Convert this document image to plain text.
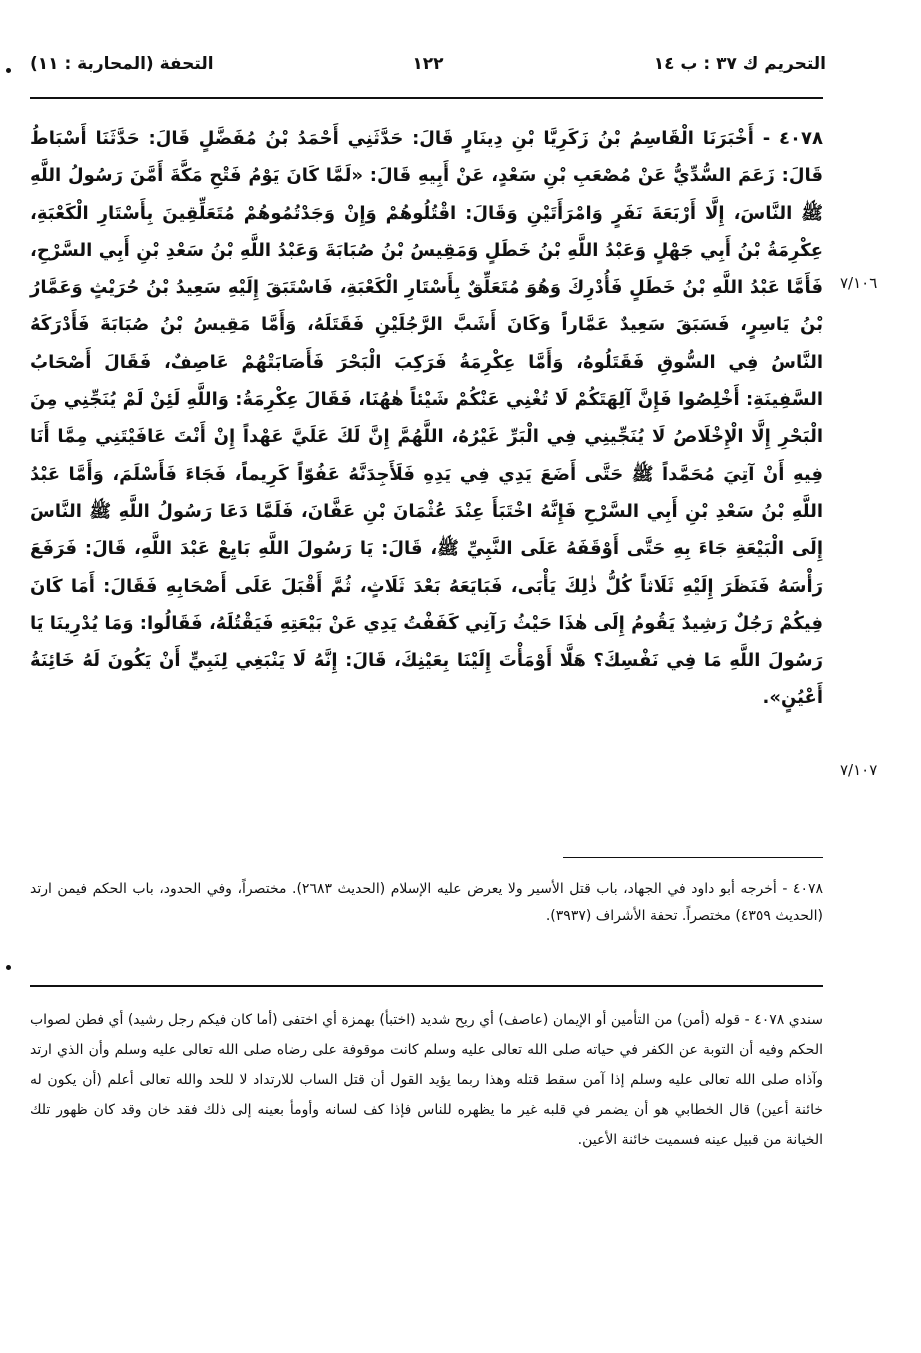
التحريم ك ٣٧ : ب ١٤
١٢٢
التحفة (المحاربة : ١١)
٧/١٠٦
٧/١٠٧

٤٠٧٨ - أَخْبَرَنَا الْقَاسِمُ بْنُ زَكَرِيَّا بْنِ دِينَارٍ قَالَ: حَدَّثَنِي أَحْمَدُ بْنُ مُفَضَّلٍ قَالَ: حَدَّثَنَا أَسْبَاطُ قَالَ: زَعَمَ السُّدِّيُّ عَنْ مُصْعَبِ بْنِ سَعْدٍ، عَنْ أَبِيهِ قَالَ: «لَمَّا كَانَ يَوْمُ فَتْحِ مَكَّةَ أَمَّنَ رَسُولُ اللَّهِ ﷺ النَّاسَ، إِلَّا أَرْبَعَةَ نَفَرٍ وَامْرَأَتَيْنِ وَقَالَ: اقْتُلُوهُمْ وَإِنْ وَجَدْتُمُوهُمْ مُتَعَلِّقِينَ بِأَسْتَارِ الْكَعْبَةِ، عِكْرِمَةُ بْنُ أَبِي جَهْلٍ وَعَبْدُ اللَّهِ بْنُ خَطَلٍ وَمَقِيسُ بْنُ صُبَابَةَ وَعَبْدُ اللَّهِ بْنُ سَعْدِ بْنِ أَبِي السَّرْحِ، فَأَمَّا عَبْدُ اللَّهِ بْنُ خَطَلٍ فَأُدْرِكَ وَهُوَ مُتَعَلِّقٌ بِأَسْتَارِ الْكَعْبَةِ، فَاسْتَبَقَ إِلَيْهِ سَعِيدُ بْنُ حُرَيْثٍ وَعَمَّارُ بْنُ يَاسِرٍ، فَسَبَقَ سَعِيدٌ عَمَّاراً وَكَانَ أَشَبَّ الرَّجُلَيْنِ فَقَتَلَهُ، وَأَمَّا مَقِيسُ بْنُ صُبَابَةَ فَأَدْرَكَهُ النَّاسُ فِي السُّوقِ فَقَتَلُوهُ، وَأَمَّا عِكْرِمَةُ فَرَكِبَ الْبَحْرَ فَأَصَابَتْهُمْ عَاصِفٌ، فَقَالَ أَصْحَابُ السَّفِينَةِ: أَخْلِصُوا فَإِنَّ آلِهَتَكُمْ لَا تُغْنِي عَنْكُمْ شَيْئاً هٰهُنَا، فَقَالَ عِكْرِمَةُ: وَاللَّهِ لَئِنْ لَمْ يُنَجِّنِي مِنَ الْبَحْرِ إِلَّا الْإِخْلَاصُ لَا يُنَجِّينِي فِي الْبَرِّ غَيْرُهُ، اللَّهُمَّ إِنَّ لَكَ عَلَيَّ عَهْداً إِنْ أَنْتَ عَافَيْتَنِي مِمَّا أَنَا فِيهِ أَنْ آتِيَ مُحَمَّداً ﷺ حَتَّى أَضَعَ يَدِي فِي يَدِهِ فَلَأَجِدَنَّهُ عَفُوّاً كَرِيماً، فَجَاءَ فَأَسْلَمَ، وَأَمَّا عَبْدُ اللَّهِ بْنُ سَعْدِ بْنِ أَبِي السَّرْحِ فَإِنَّهُ اخْتَبَأَ عِنْدَ عُثْمَانَ بْنِ عَفَّانَ، فَلَمَّا دَعَا رَسُولُ اللَّهِ ﷺ النَّاسَ إِلَى الْبَيْعَةِ جَاءَ بِهِ حَتَّى أَوْقَفَهُ عَلَى النَّبِيِّ ﷺ، قَالَ: يَا رَسُولَ اللَّهِ بَايِعْ عَبْدَ اللَّهِ، قَالَ: فَرَفَعَ رَأْسَهُ فَنَظَرَ إِلَيْهِ ثَلَاثاً كُلُّ ذٰلِكَ يَأْبَى، فَبَايَعَهُ بَعْدَ ثَلَاثٍ، ثُمَّ أَقْبَلَ عَلَى أَصْحَابِهِ فَقَالَ: أَمَا كَانَ فِيكُمْ رَجُلٌ رَشِيدٌ يَقُومُ إِلَى هٰذَا حَيْثُ رَآنِي كَفَفْتُ يَدِي عَنْ بَيْعَتِهِ فَيَقْتُلَهُ، فَقَالُوا: وَمَا يُدْرِينَا يَا رَسُولَ اللَّهِ مَا فِي نَفْسِكَ؟ هَلَّا أَوْمَأْتَ إِلَيْنَا بِعَيْنِكَ، قَالَ: إِنَّهُ لَا يَنْبَغِي لِنَبِيٍّ أَنْ يَكُونَ لَهُ خَائِنَةُ أَعْيُنٍ».

٤٠٧٨ - أخرجه أبو داود في الجهاد، باب قتل الأسير ولا يعرض عليه الإسلام (الحديث ٢٦٨٣). مختصراً، وفي الحدود، باب الحكم فيمن ارتد (الحديث ٤٣٥٩) مختصراً. تحفة الأشراف (٣٩٣٧).
سندي ٤٠٧٨ - قوله (أمن) من التأمين أو الإيمان (عاصف) أي ريح شديد (اختبأ) بهمزة أي اختفى (أما كان فيكم رجل رشيد) أي فطن لصواب الحكم وفيه أن التوبة عن الكفر في حياته صلى الله تعالى عليه وسلم كانت موقوفة على رضاه صلى الله تعالى عليه وسلم وأن الذي ارتد وآذاه صلى الله تعالى عليه وسلم إذا آمن سقط قتله وهذا ربما يؤيد القول أن قتل الساب للارتداد لا للحد والله تعالى أعلم (أن يكون له خائنة أعين) قال الخطابي هو أن يضمر في قلبه غير ما يظهره للناس فإذا كف لسانه وأومأ بعينه إلى ذلك فقد خان وقد كان ظهور تلك الخيانة من قبيل عينه فسميت خائنة الأعين.
